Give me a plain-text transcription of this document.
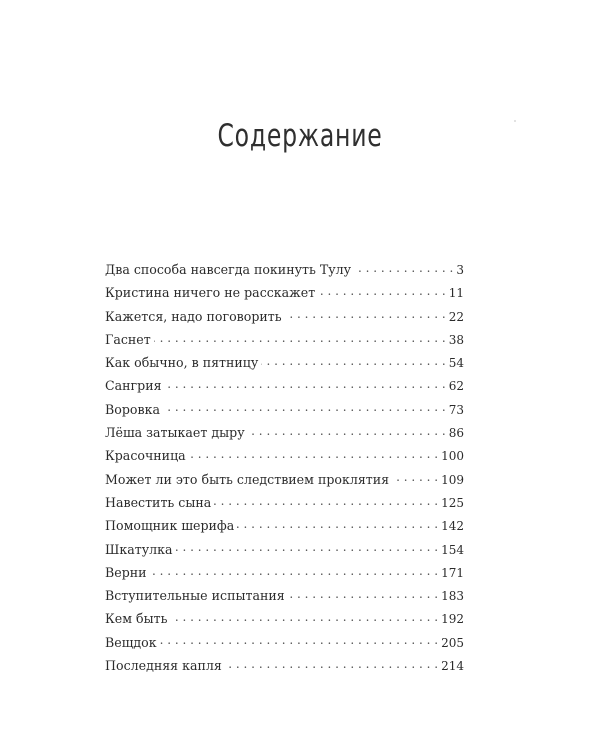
Содержание
Два способа навсегда покинуть Тулу . . .	3
Кристина ничего не расскажет . . .	11
Кажется, надо поговорить . . .	22
Гаснет . . .	38
Как обычно, в пятницу . . .	54
Сангрия . . .	62
Воровка . . .	73
Лёша затыкает дыру . . .	86
Красочница . . .	100
Может ли это быть следствием проклятия . . .	109
Навестить сына . . .	125
Помощник шерифа . . .	142
Шкатулка . . .	154
Верни . . .	171
Вступительные испытания . . .	183
Кем быть . . .	192
Вещдок . . .	205
Последняя капля . . .	214
